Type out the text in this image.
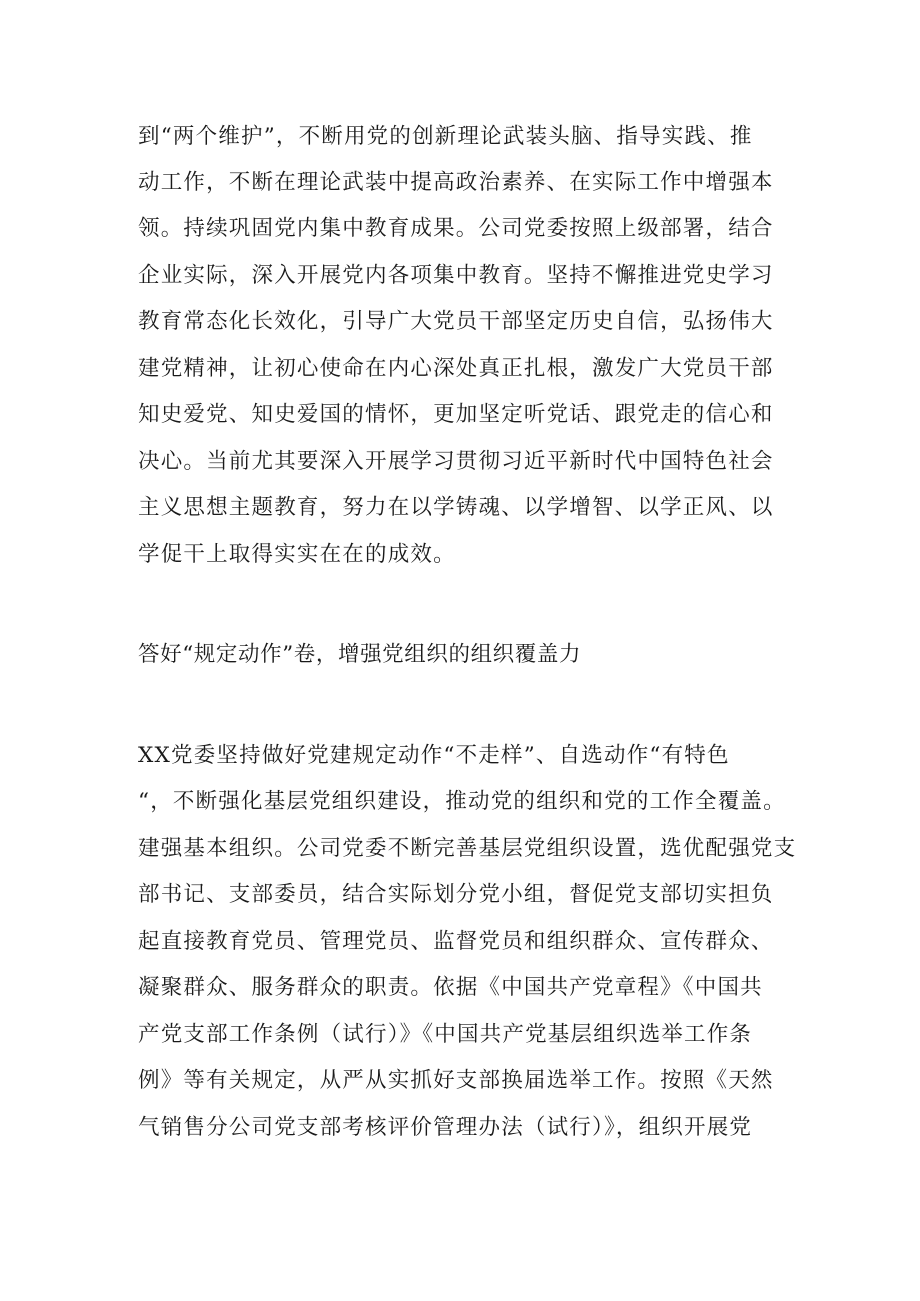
到“两个维护”，不断用党的创新理论武装头脑、指导实践、推
动工作，不断在理论武装中提高政治素养、在实际工作中增强本
领。持续巩固党内集中教育成果。公司党委按照上级部署，结合
企业实际，深入开展党内各项集中教育。坚持不懈推进党史学习
教育常态化长效化，引导广大党员干部坚定历史自信，弘扬伟大
建党精神，让初心使命在内心深处真正扎根，激发广大党员干部
知史爱党、知史爱国的情怀，更加坚定听党话、跟党走的信心和
决心。当前尤其要深入开展学习贯彻习近平新时代中国特色社会
主义思想主题教育，努力在以学铸魂、以学增智、以学正风、以
学促干上取得实实在在的成效。
答好“规定动作”卷，增强党组织的组织覆盖力
XX党委坚持做好党建规定动作“不走样”、自选动作“有特色
“，不断强化基层党组织建设，推动党的组织和党的工作全覆盖。
建强基本组织。公司党委不断完善基层党组织设置，选优配强党支
部书记、支部委员，结合实际划分党小组，督促党支部切实担负
起直接教育党员、管理党员、监督党员和组织群众、宣传群众、
凝聚群众、服务群众的职责。依据《中国共产党章程》《中国共
产党支部工作条例（试行）》《中国共产党基层组织选举工作条
例》等有关规定，从严从实抓好支部换届选举工作。按照《天然
气销售分公司党支部考核评价管理办法（试行）》，组织开展党
